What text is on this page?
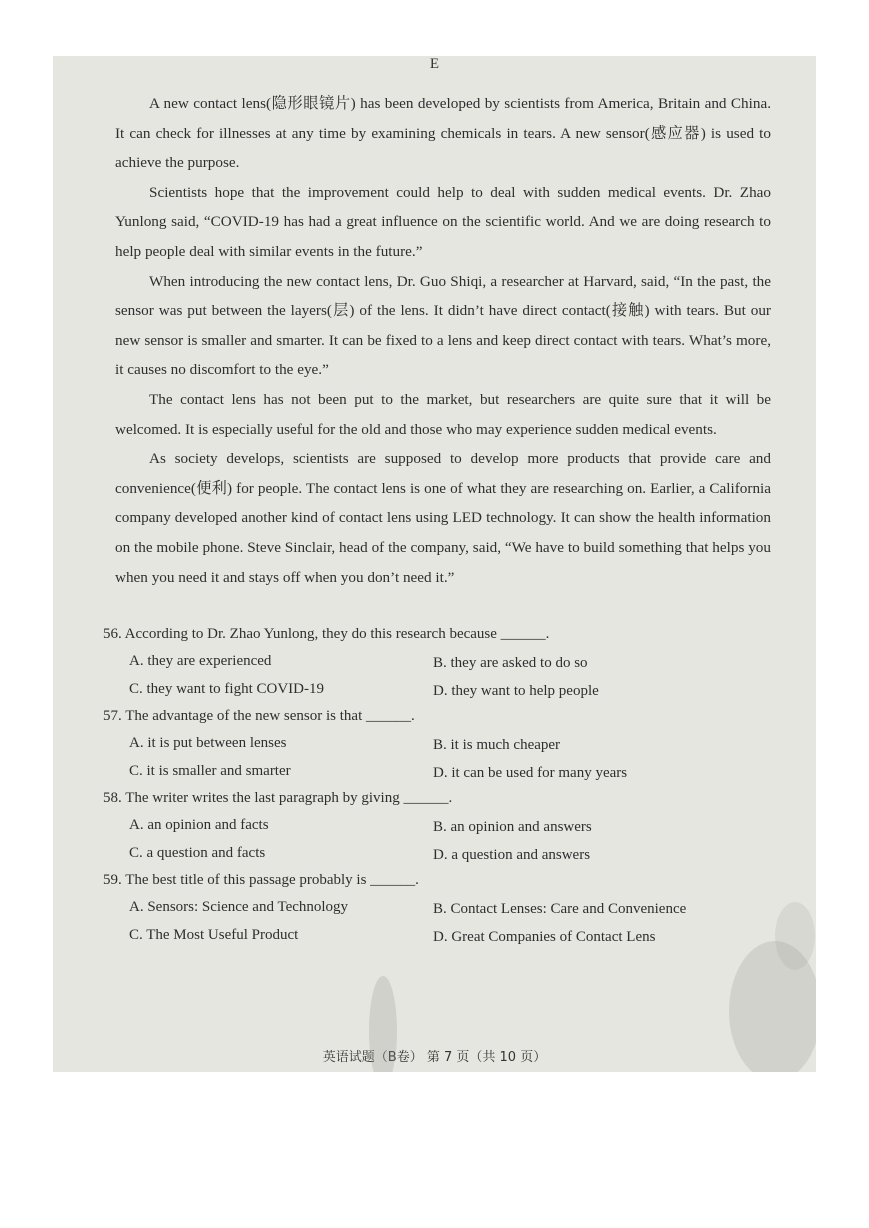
E

A new contact lens(隐形眼镜片) has been developed by scientists from America, Britain and China. It can check for illnesses at any time by examining chemicals in tears. A new sensor(感应器) is used to achieve the purpose.

Scientists hope that the improvement could help to deal with sudden medical events. Dr. Zhao Yunlong said, “COVID-19 has had a great influence on the scientific world. And we are doing research to help people deal with similar events in the future.”

When introducing the new contact lens, Dr. Guo Shiqi, a researcher at Harvard, said, “In the past, the sensor was put between the layers(层) of the lens. It didn’t have direct contact(接触) with tears. But our new sensor is smaller and smarter. It can be fixed to a lens and keep direct contact with tears. What’s more, it causes no discomfort to the eye.”

The contact lens has not been put to the market, but researchers are quite sure that it will be welcomed. It is especially useful for the old and those who may experience sudden medical events.

As society develops, scientists are supposed to develop more products that provide care and convenience(便利) for people. The contact lens is one of what they are researching on. Earlier, a California company developed another kind of contact lens using LED technology. It can show the health information on the mobile phone. Steve Sinclair, head of the company, said, “We have to build something that helps you when you need it and stays off when you don’t need it.”

56. According to Dr. Zhao Yunlong, they do this research because ______.
A. they are experienced	B. they are asked to do so
C. they want to fight COVID-19	D. they want to help people
57. The advantage of the new sensor is that ______.
A. it is put between lenses	B. it is much cheaper
C. it is smaller and smarter	D. it can be used for many years
58. The writer writes the last paragraph by giving ______.
A. an opinion and facts	B. an opinion and answers
C. a question and facts	D. a question and answers
59. The best title of this passage probably is ______.
A. Sensors: Science and Technology	B. Contact Lenses: Care and Convenience
C. The Most Useful Product	D. Great Companies of Contact Lens
英语试题（B卷） 第 7 页（共 10 页）
